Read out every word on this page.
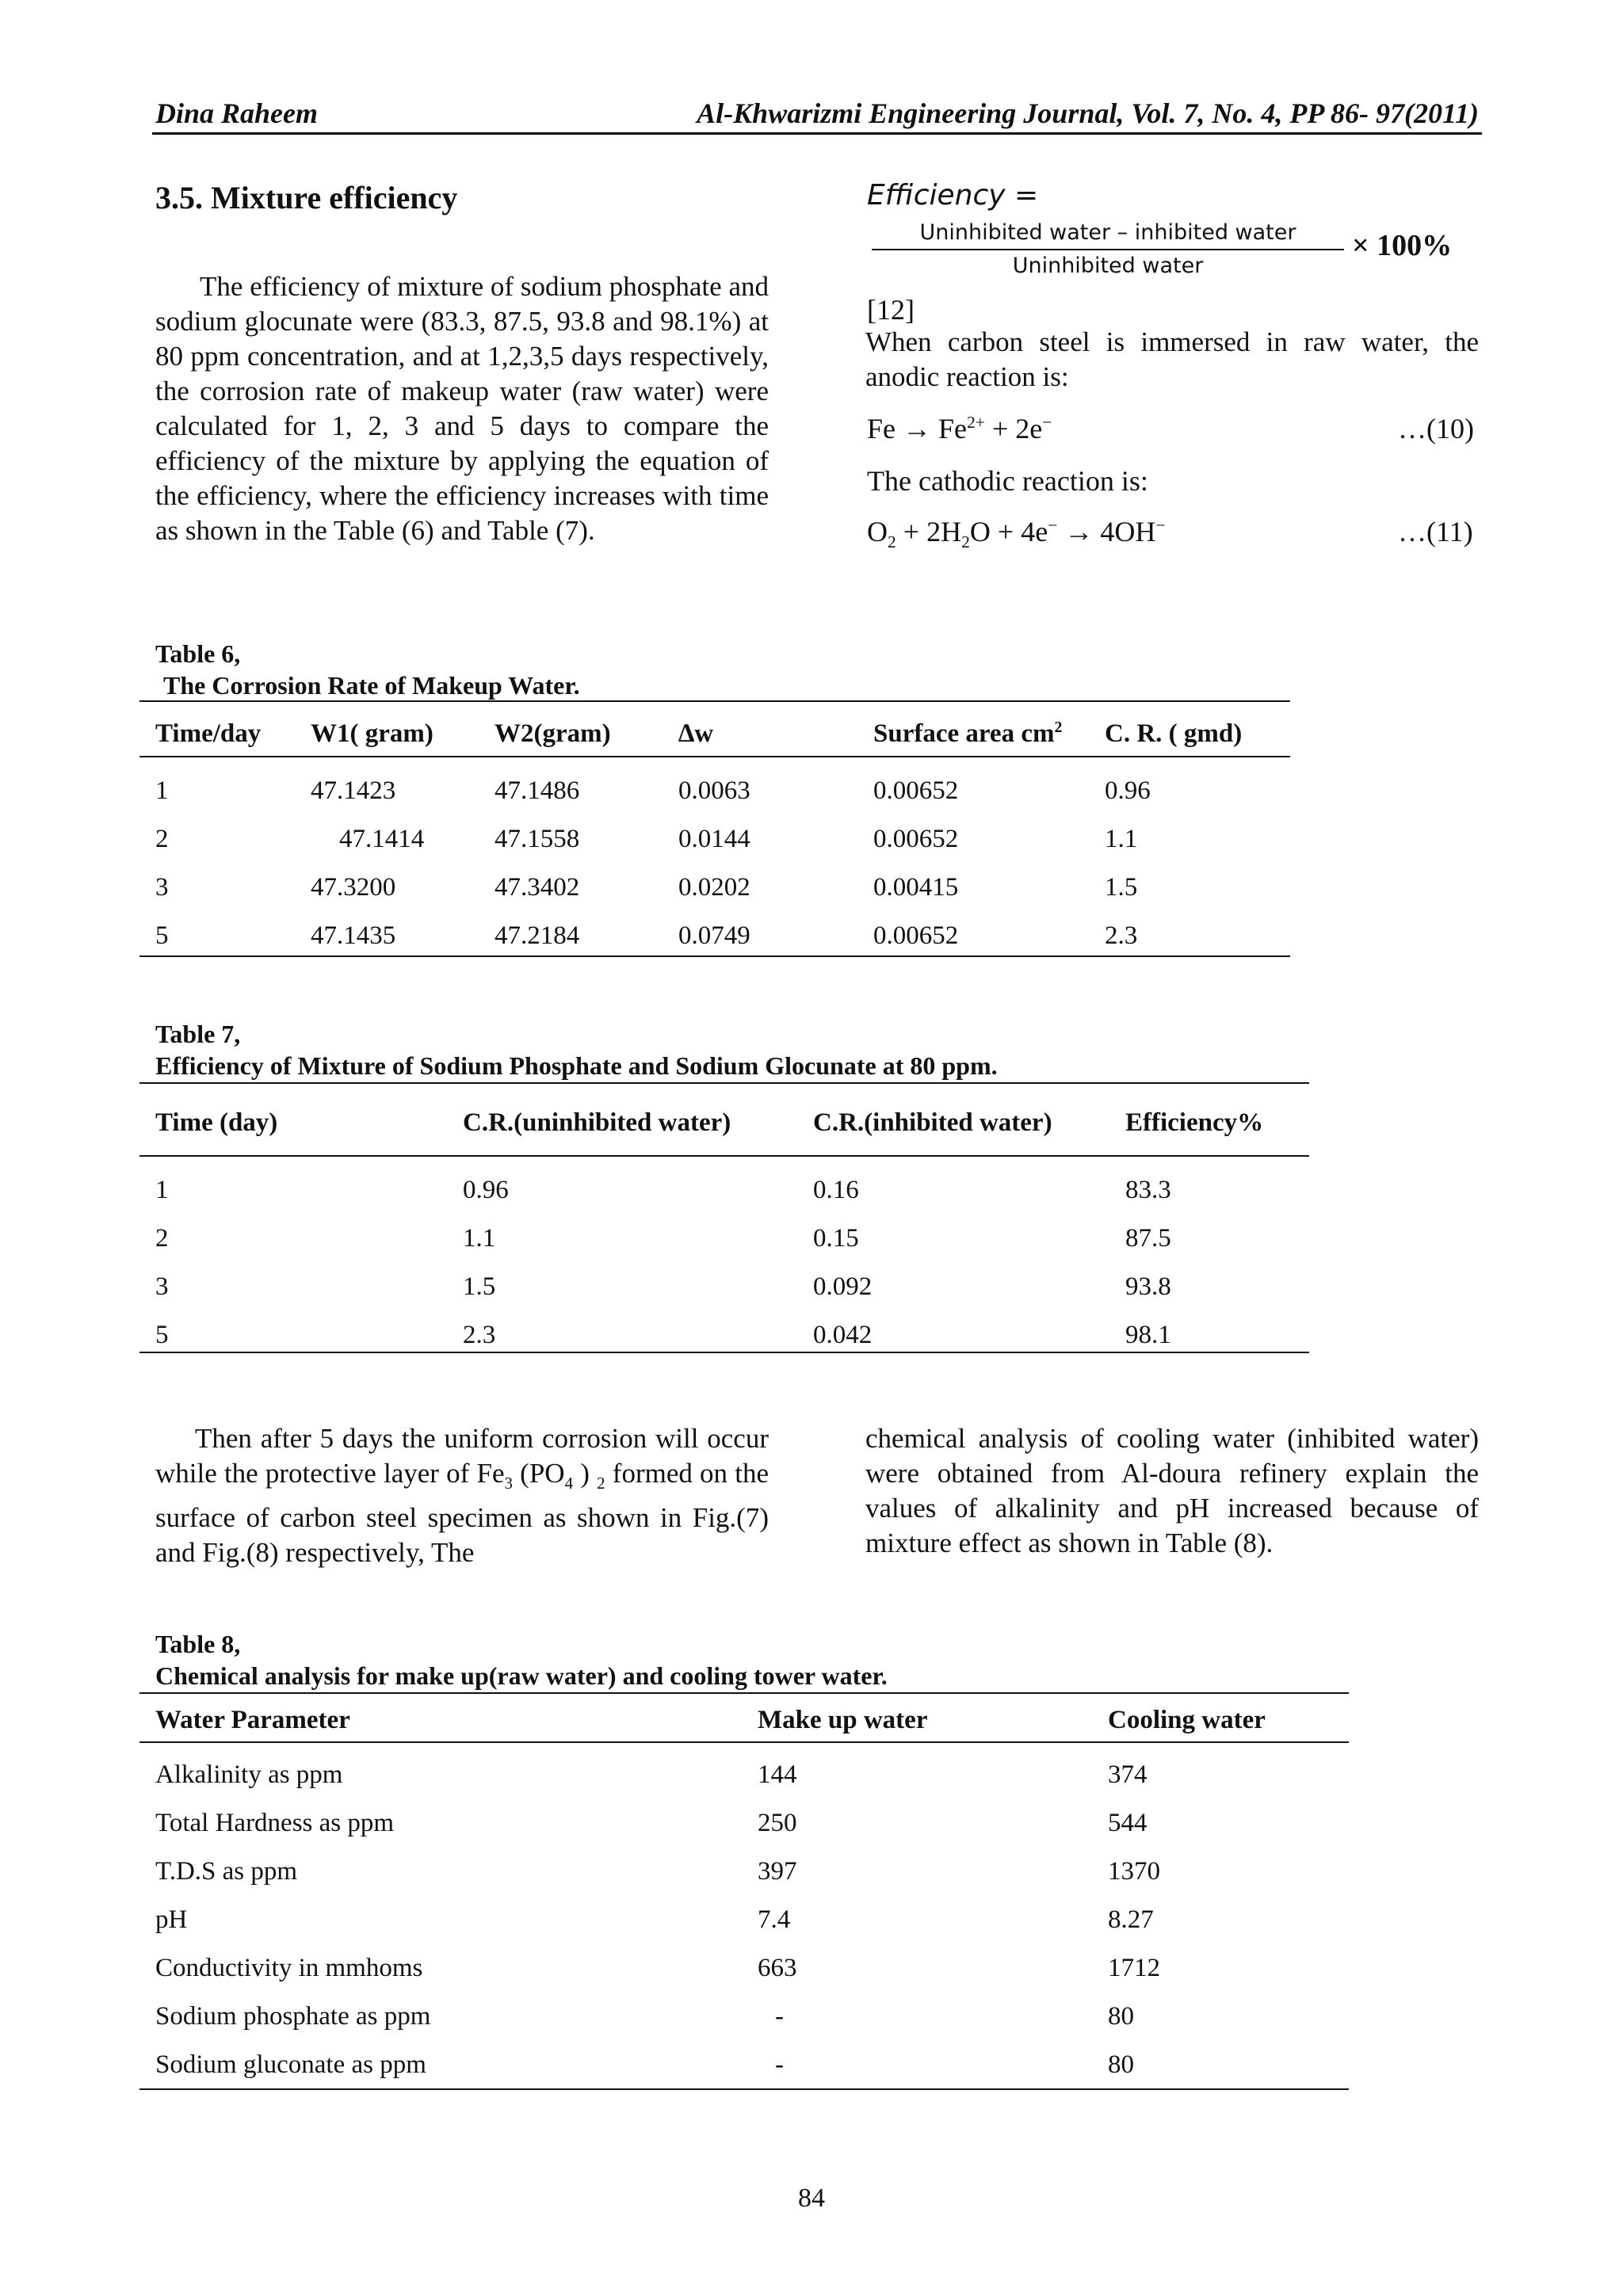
Dina Raheem	Al-Khwarizmi Engineering Journal, Vol. 7, No. 4, PP 86- 97(2011)
3.5. Mixture efficiency
The efficiency of mixture of sodium phosphate and sodium glocunate were (83.3, 87.5, 93.8 and 98.1%) at 80 ppm concentration, and at 1,2,3,5 days respectively, the corrosion rate of makeup water (raw water) were calculated for 1, 2, 3 and 5 days to compare the efficiency of the mixture by applying the equation of the efficiency, where the efficiency increases with time as shown in the Table (6) and Table (7).
Efficiency =
Uninhibited water – inhibited water
Uninhibited water
× 100%
[12]
When carbon steel is immersed in raw water, the anodic reaction is:
$Fe \to Fe^{2+} + 2e^-$	…(10)
The cathodic reaction is:
$O_2 + 2H_2O + 4e^- \to 4OH^-$	…(11)
Table 6,
The Corrosion Rate of Makeup Water.
Time/day	W1( gram)	W2(gram)	∆w	Surface area $cm^2$	C. R. ( gmd)
1	47.1423	47.1486	0.0063	0.00652	0.96
2	47.1414	47.1558	0.0144	0.00652	1.1
3	47.3200	47.3402	0.0202	0.00415	1.5
5	47.1435	47.2184	0.0749	0.00652	2.3
Table 7,
Efficiency of Mixture of Sodium Phosphate and Sodium Glocunate at 80 ppm.
Time (day)	C.R.(uninhibited water)	C.R.(inhibited water)	Efficiency%
1	0.96	0.16	83.3
2	1.1	0.15	87.5
3	1.5	0.092	93.8
5	2.3	0.042	98.1
Then after 5 days the uniform corrosion will occur while the protective layer of $Fe_3$ ($PO_4$ ) $_2$ formed on the surface of carbon steel specimen as shown in Fig.(7) and Fig.(8) respectively, The
chemical analysis of cooling water (inhibited water) were obtained from Al-doura refinery explain the values of alkalinity and pH increased because of mixture effect as shown in Table (8).
Table 8,
Chemical analysis for make up(raw water) and cooling tower water.
Water Parameter	Make up water	Cooling water
Alkalinity as ppm	144	374
Total Hardness as ppm	250	544
T.D.S as ppm	397	1370
pH	7.4	8.27
Conductivity in mmhoms	663	1712
Sodium phosphate as ppm	-	80
Sodium gluconate as ppm	-	80
84
